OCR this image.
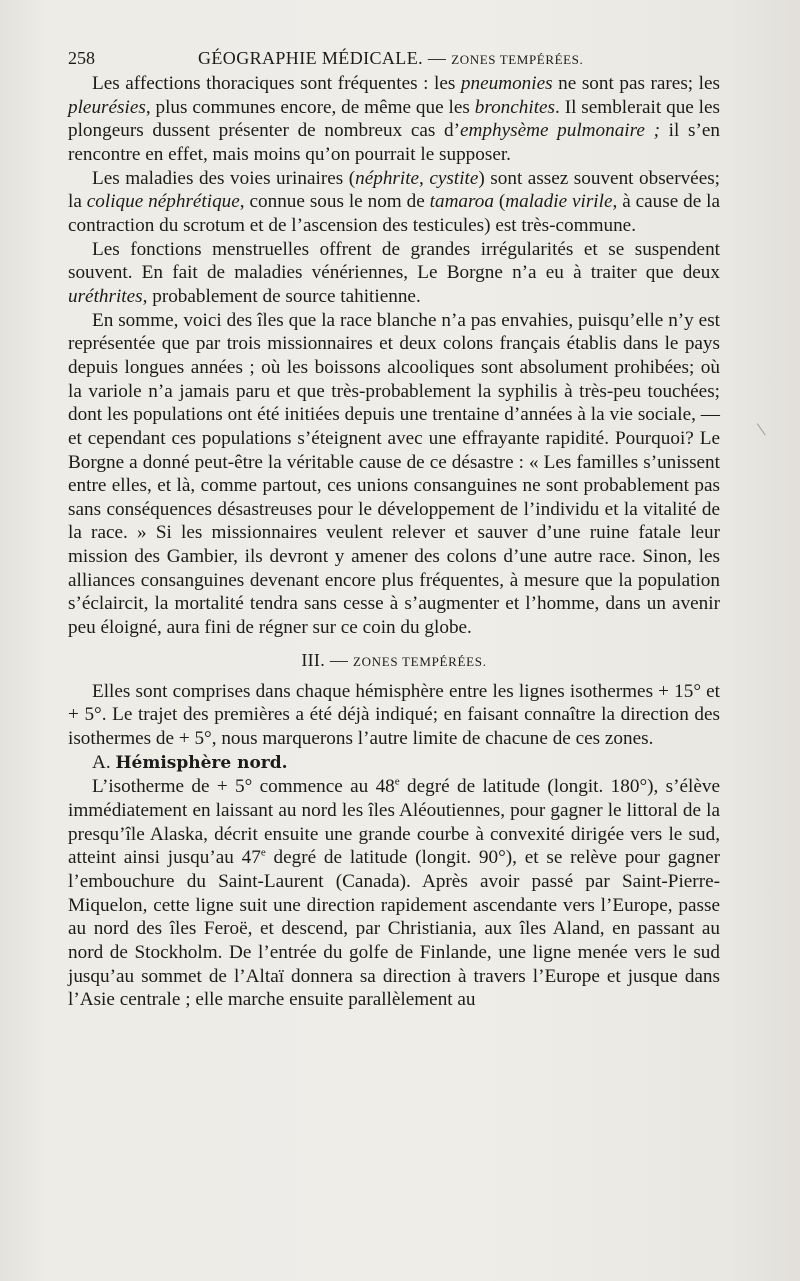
258	GÉOGRAPHIE MÉDICALE. — ZONES TEMPÉRÉES.

Les affections thoraciques sont fréquentes : les pneumonies ne sont pas rares; les pleurésies, plus communes encore, de même que les bronchites. Il semblerait que les plongeurs dussent présenter de nombreux cas d’emphysème pulmonaire ; il s’en rencontre en effet, mais moins qu’on pourrait le supposer.

Les maladies des voies urinaires (néphrite, cystite) sont assez souvent observées; la colique néphrétique, connue sous le nom de tamaroa (maladie virile, à cause de la contraction du scrotum et de l’ascension des testicules) est très-commune.

Les fonctions menstruelles offrent de grandes irrégularités et se suspendent souvent. En fait de maladies vénériennes, Le Borgne n’a eu à traiter que deux uréthrites, probablement de source tahitienne.

En somme, voici des îles que la race blanche n’a pas envahies, puisqu’elle n’y est représentée que par trois missionnaires et deux colons français établis dans le pays depuis longues années ; où les boissons alcooliques sont absolument prohibées; où la variole n’a jamais paru et que très-probablement la syphilis à très-peu touchées; dont les populations ont été initiées depuis une trentaine d’années à la vie sociale, — et cependant ces populations s’éteignent avec une effrayante rapidité. Pourquoi? Le Borgne a donné peut-être la véritable cause de ce désastre : « Les familles s’unissent entre elles, et là, comme partout, ces unions consanguines ne sont probablement pas sans conséquences désastreuses pour le développement de l’individu et la vitalité de la race. » Si les missionnaires veulent relever et sauver d’une ruine fatale leur mission des Gambier, ils devront y amener des colons d’une autre race. Sinon, les alliances consanguines devenant encore plus fréquentes, à mesure que la population s’éclaircit, la mortalité tendra sans cesse à s’augmenter et l’homme, dans un avenir peu éloigné, aura fini de régner sur ce coin du globe.

III. — ZONES TEMPÉRÉES.

Elles sont comprises dans chaque hémisphère entre les lignes isothermes + 15° et + 5°. Le trajet des premières a été déjà indiqué; en faisant connaître la direction des isothermes de + 5°, nous marquerons l’autre limite de chacune de ces zones.

A. Hémisphère nord.

L’isotherme de + 5° commence au 48e degré de latitude (longit. 180°), s’élève immédiatement en laissant au nord les îles Aléoutiennes, pour gagner le littoral de la presqu’île Alaska, décrit ensuite une grande courbe à convexité dirigée vers le sud, atteint ainsi jusqu’au 47e degré de latitude (longit. 90°), et se relève pour gagner l’embouchure du Saint-Laurent (Canada). Après avoir passé par Saint-Pierre-Miquelon, cette ligne suit une direction rapidement ascendante vers l’Europe, passe au nord des îles Feroë, et descend, par Christiania, aux îles Aland, en passant au nord de Stockholm. De l’entrée du golfe de Finlande, une ligne menée vers le sud jusqu’au sommet de l’Altaï donnera sa direction à travers l’Europe et jusque dans l’Asie centrale ; elle marche ensuite parallèlement au
